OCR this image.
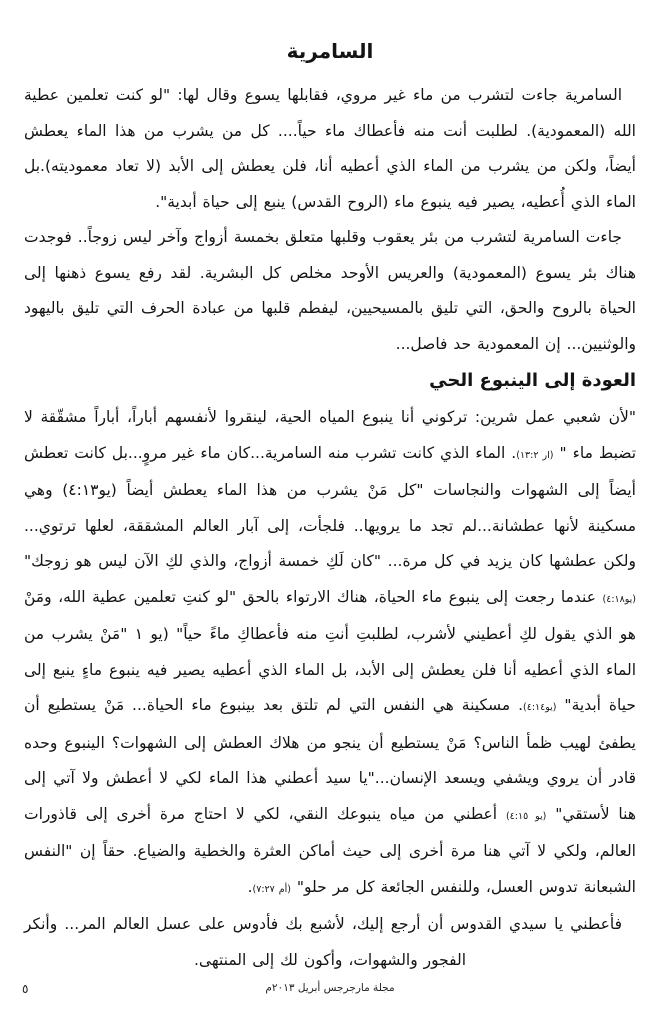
السامرية

السامرية جاءت لتشرب من ماء غير مروي، فقابلها يسوع وقال لها: "لو كنت تعلمين عطية الله (المعمودية). لطلبت أنت منه فأعطاك ماء حياً.... كل من يشرب من هذا الماء يعطش أيضاً، ولكن من يشرب من الماء الذي أعطيه أنا، فلن يعطش إلى الأبد (لا تعاد معموديته).بل الماء الذي أُعطيه، يصير فيه ينبوع ماء (الروح القدس) ينبع إلى حياة أبدية".

جاءت السامرية لتشرب من بئر يعقوب وقلبها متعلق بخمسة أزواج وآخر ليس زوجاً.. فوجدت هناك بئر يسوع (المعمودية) والعريس الأوحد مخلص كل البشرية. لقد رفع يسوع ذهنها إلى الحياة بالروح والحق، التي تليق بالمسيحيين، ليفطم قلبها من عبادة الحرف التي تليق باليهود والوثنيين... إن المعمودية حد فاصل...

العودة إلى الينبوع الحي

"لأن شعبي عمل شرين: تركوني أنا ينبوع المياه الحية، لينقروا لأنفسهم أباراً، أباراً مشقّقة لا تضبط ماء " (ار ١٣:٢). الماء الذي كانت تشرب منه السامرية...كان ماء غير مروٍ...بل كانت تعطش أيضاً إلى الشهوات والنجاسات "كل مَنْ يشرب من هذا الماء يعطش أيضاً (يو٤:١٣) وهي مسكينة لأنها عطشانة...لم تجد ما يرويها.. فلجأت، إلى آبار العالم المشققة، لعلها ترتوي... ولكن عطشها كان يزيد في كل مرة... "كان لَكِ خمسة أزواج، والذي لكِ الآن ليس هو زوجك" (يو٤:١٨) عندما رجعت إلى ينبوع ماء الحياة، هناك الارتواء بالحق "لو كنتِ تعلمين عطية الله، ومَنْ هو الذي يقول لكِ أعطيني لأشرب، لطلبتِ أنتِ منه فأعطاكِ ماءً حياً" (يو ١ "مَنْ يشرب من الماء الذي أعطيه أنا فلن يعطش إلى الأبد، بل الماء الذي أعطيه يصير فيه ينبوع ماءٍ ينبع إلى حياة أبدية" (يو٤:١٤). مسكينة هي النفس التي لم تلتق بعد بينبوع ماء الحياة... مَنْ يستطيع أن يطفئ لهيب ظمأ الناس؟ مَنْ يستطيع أن ينجو من هلاك العطش إلى الشهوات؟ الينبوع وحده قادر أن يروي ويشفي ويسعد الإنسان..."يا سيد أعطني هذا الماء لكي لا أعطش ولا آتي إلى هنا لأستقي" (يو ٤:١٥) أعطني من مياه ينبوعك النقي، لكي لا احتاج مرة أخرى إلى قاذورات العالم، ولكي لا آتي هنا مرة أخرى إلى حيث أماكن العثرة والخطية والضياع. حقاً إن "النفس الشبعانة تدوس العسل، وللنفس الجائعة كل مر حلو" (أم ٧:٢٧).

فأعطني يا سيدي القدوس أن أرجع إليك، لأشبع بك فأدوس على عسل العالم المر... وأنكر الفجور والشهوات، وأكون لك إلى المنتهى.

مجلة مارجرجس أبريل ٢٠١٣م
٥
